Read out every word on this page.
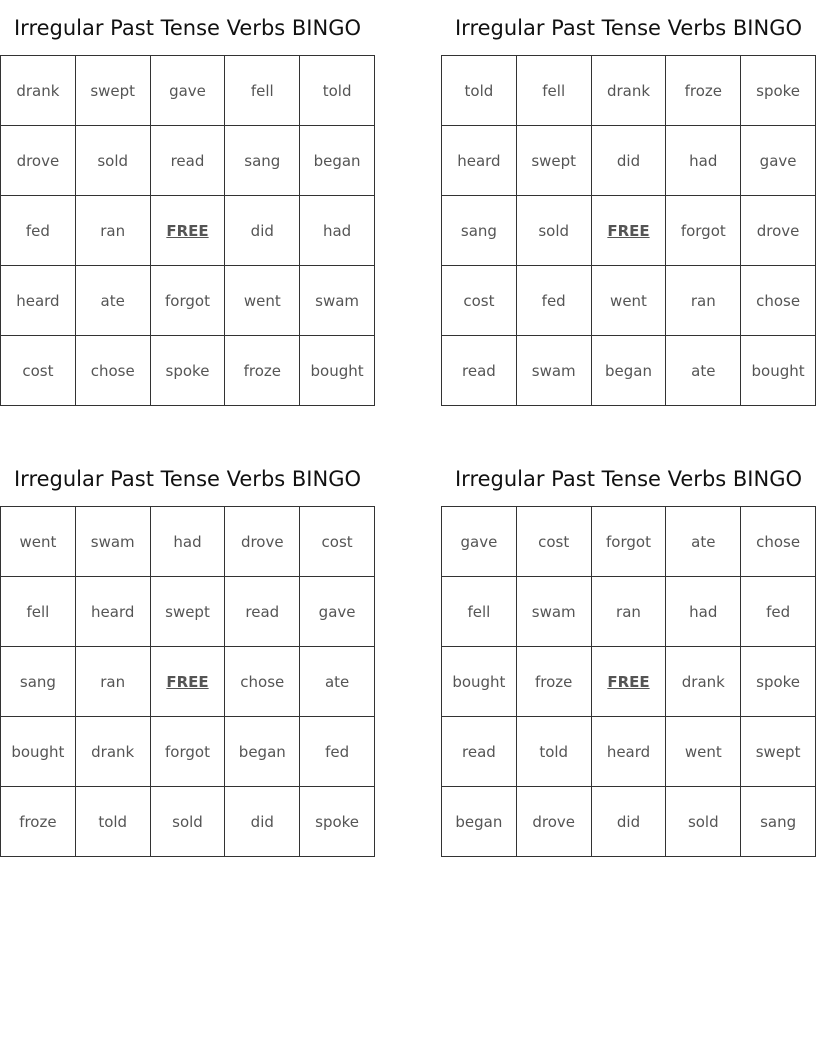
Irregular Past Tense Verbs BINGO
drank	swept	gave	fell	told
drove	sold	read	sang	began
fed	ran	FREE	did	had
heard	ate	forgot	went	swam
cost	chose	spoke	froze	bought
Irregular Past Tense Verbs BINGO
told	fell	drank	froze	spoke
heard	swept	did	had	gave
sang	sold	FREE	forgot	drove
cost	fed	went	ran	chose
read	swam	began	ate	bought
Irregular Past Tense Verbs BINGO
went	swam	had	drove	cost
fell	heard	swept	read	gave
sang	ran	FREE	chose	ate
bought	drank	forgot	began	fed
froze	told	sold	did	spoke
Irregular Past Tense Verbs BINGO
gave	cost	forgot	ate	chose
fell	swam	ran	had	fed
bought	froze	FREE	drank	spoke
read	told	heard	went	swept
began	drove	did	sold	sang
